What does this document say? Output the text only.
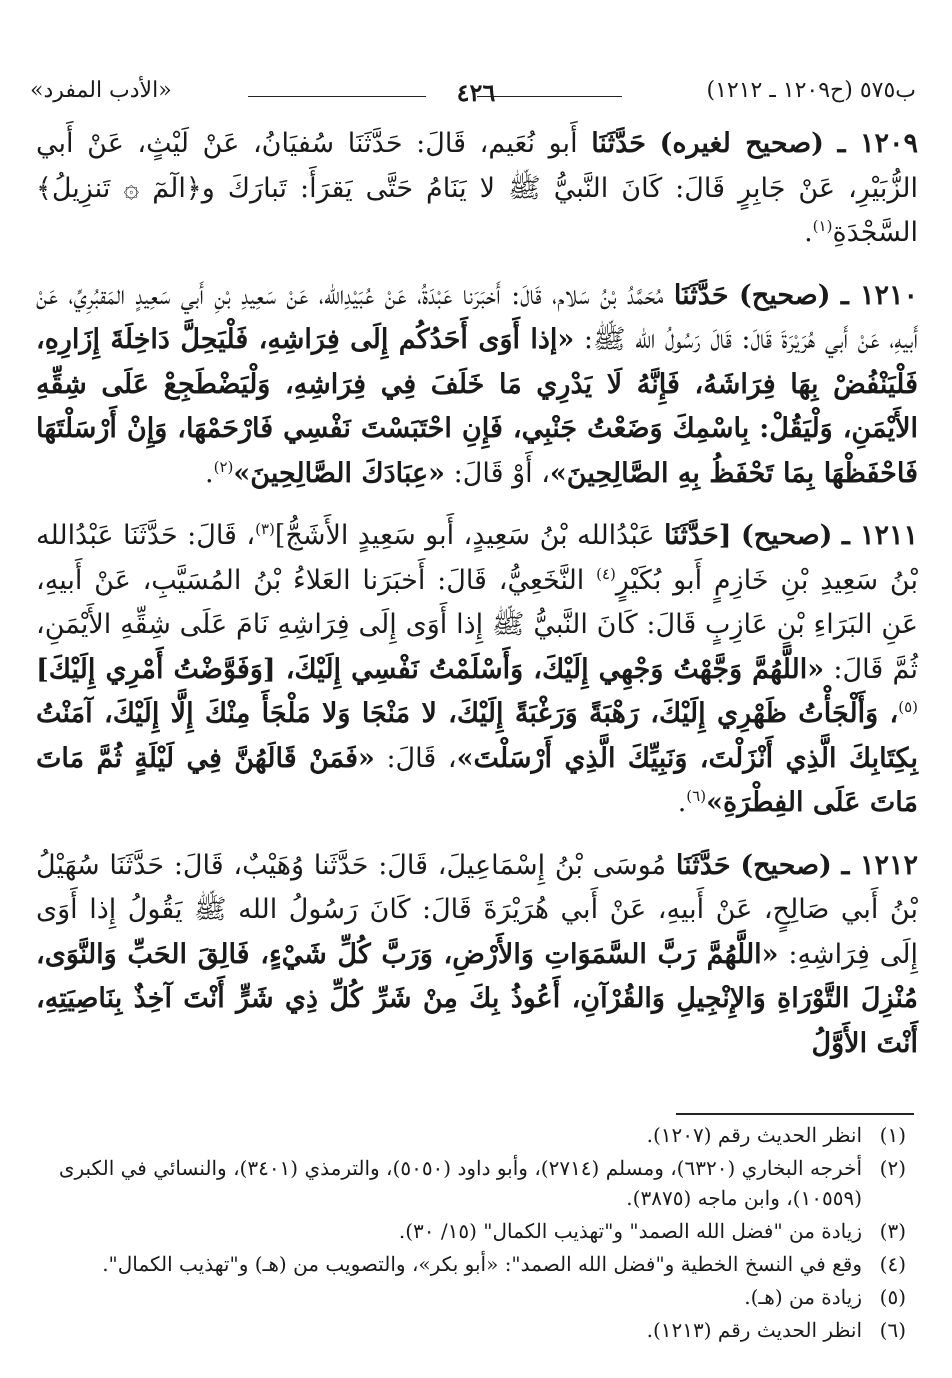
ب٥٧٥ (ح١٢٠٩ ـ ١٢١٢)
٤٢٦
«الأدب المفرد»

١٢٠٩ ـ (صحيح لغيره) حَدَّثَنَا أَبو نُعَيم، قَالَ: حَدَّثَنَا سُفيَانُ، عَنْ لَيْثٍ، عَنْ أَبي الزُّبَيْرِ، عَنْ جَابِرٍ قَالَ: كَانَ النَّبيُّ ﷺ لا يَنَامُ حَتَّى يَقرَأَ: تَبارَكَ و﴿الٓمٓ ۞ تَنزِيلُ﴾ السَّجْدَةِ$^{(١)}$.

١٢١٠ ـ (صحيح) حَدَّثَنَا مُحَمَّدُ بْنُ سَلام، قَالَ: أَخبَرَنا عَبْدَةُ، عَنْ عُبَيْدِالله، عَنْ سَعِيدِ بْنِ أَبي سَعِيدٍ المَقبُرِيِّ، عَنْ أَبيهِ، عَنْ أَبي هُرَيْرَةَ قَالَ: قَالَ رَسُولُ الله ﷺ: «إذا أَوَى أَحَدُكُم إِلَى فِرَاشِهِ، فَلْيَحِلَّ دَاخِلَةَ إِزَارِهِ، فَلْيَنْفُضْ بِهَا فِرَاشَهُ، فَإِنَّهُ لَا يَدْرِي مَا خَلَفَ فِي فِرَاشِهِ، وَلْيَضْطَجِعْ عَلَى شِقِّهِ الأَيْمَنِ، وَلْيَقُلْ: بِاسْمِكَ وَضَعْتُ جَنْبِي، فَإِنِ احْتَبَسْتَ نَفْسِي فَارْحَمْهَا، وَإِنْ أَرْسَلْتَهَا فَاحْفَظْهَا بِمَا تَحْفَظُ بِهِ الصَّالِحِينَ»، أَوْ قَالَ: «عِبَادَكَ الصَّالِحِينَ»$^{(٢)}$.

١٢١١ ـ (صحيح) [حَدَّثَنَا عَبْدُالله بْنُ سَعِيدٍ، أَبو سَعِيدٍ الأَشَجُّ]$^{(٣)}$، قَالَ: حَدَّثَنَا عَبْدُالله بْنُ سَعِيدِ بْنِ خَازِمٍ أَبو بُكَيْرٍ$^{(٤)}$ النَّخَعِيُّ، قَالَ: أَخبَرَنا العَلاءُ بْنُ المُسَيَّبِ، عَنْ أَبيهِ، عَنِ البَرَاءِ بْنِ عَازِبٍ قَالَ: كَانَ النَّبيُّ ﷺ إِذا أَوَى إِلَى فِرَاشِهِ نَامَ عَلَى شِقِّهِ الأَيْمَنِ، ثُمَّ قَالَ: «اللَّهُمَّ وَجَّهْتُ وَجْهِي إِلَيْكَ، وَأَسْلَمْتُ نَفْسِي إِلَيْكَ، [وَفَوَّضْتُ أَمْرِي إِلَيْكَ]$^{(٥)}$، وَأَلْجَأْتُ ظَهْرِي إِلَيْكَ، رَهْبَةً وَرَغْبَةً إِلَيْكَ، لا مَنْجَا وَلا مَلْجَأَ مِنْكَ إِلَّا إِلَيْكَ، آمَنْتُ بِكِتَابِكَ الَّذِي أَنْزَلْتَ، وَنَبِيِّكَ الَّذِي أَرْسَلْتَ»، قَالَ: «فَمَنْ قَالَهُنَّ فِي لَيْلَةٍ ثُمَّ مَاتَ مَاتَ عَلَى الفِطْرَةِ»$^{(٦)}$.

١٢١٢ ـ (صحيح) حَدَّثَنَا مُوسَى بْنُ إِسْمَاعِيلَ، قَالَ: حَدَّثَنا وُهَيْبٌ، قَالَ: حَدَّثَنَا سُهَيْلُ بْنُ أَبي صَالِحٍ، عَنْ أَبيهِ، عَنْ أَبي هُرَيْرَةَ قَالَ: كَانَ رَسُولُ الله ﷺ يَقُولُ إِذا أَوَى إِلَى فِرَاشِهِ: «اللَّهُمَّ رَبَّ السَّمَوَاتِ وَالأَرْضِ، وَرَبَّ كُلِّ شَيْءٍ، فَالِقَ الحَبِّ وَالنَّوَى، مُنْزِلَ التَّوْرَاةِ وَالإِنْجِيلِ وَالقُرْآنِ، أَعُوذُ بِكَ مِنْ شَرِّ كُلِّ ذِي شَرٍّ أَنْتَ آخِذٌ بِنَاصِيَتِهِ، أَنْتَ الأَوَّلُ

(١)
انظر الحديث رقم (١٢٠٧).
(٢)
أخرجه البخاري (٦٣٢٠)، ومسلم (٢٧١٤)، وأبو داود (٥٠٥٠)، والترمذي (٣٤٠١)، والنسائي في الكبرى (١٠٥٥٩)، وابن ماجه (٣٨٧٥).
(٣)
زيادة من "فضل الله الصمد" و"تهذيب الكمال" (١٥/ ٣٠).
(٤)
وقع في النسخ الخطية و"فضل الله الصمد": «أبو بكر»، والتصويب من (هـ) و"تهذيب الكمال".
(٥)
زيادة من (هـ).
(٦)
انظر الحديث رقم (١٢١٣).
